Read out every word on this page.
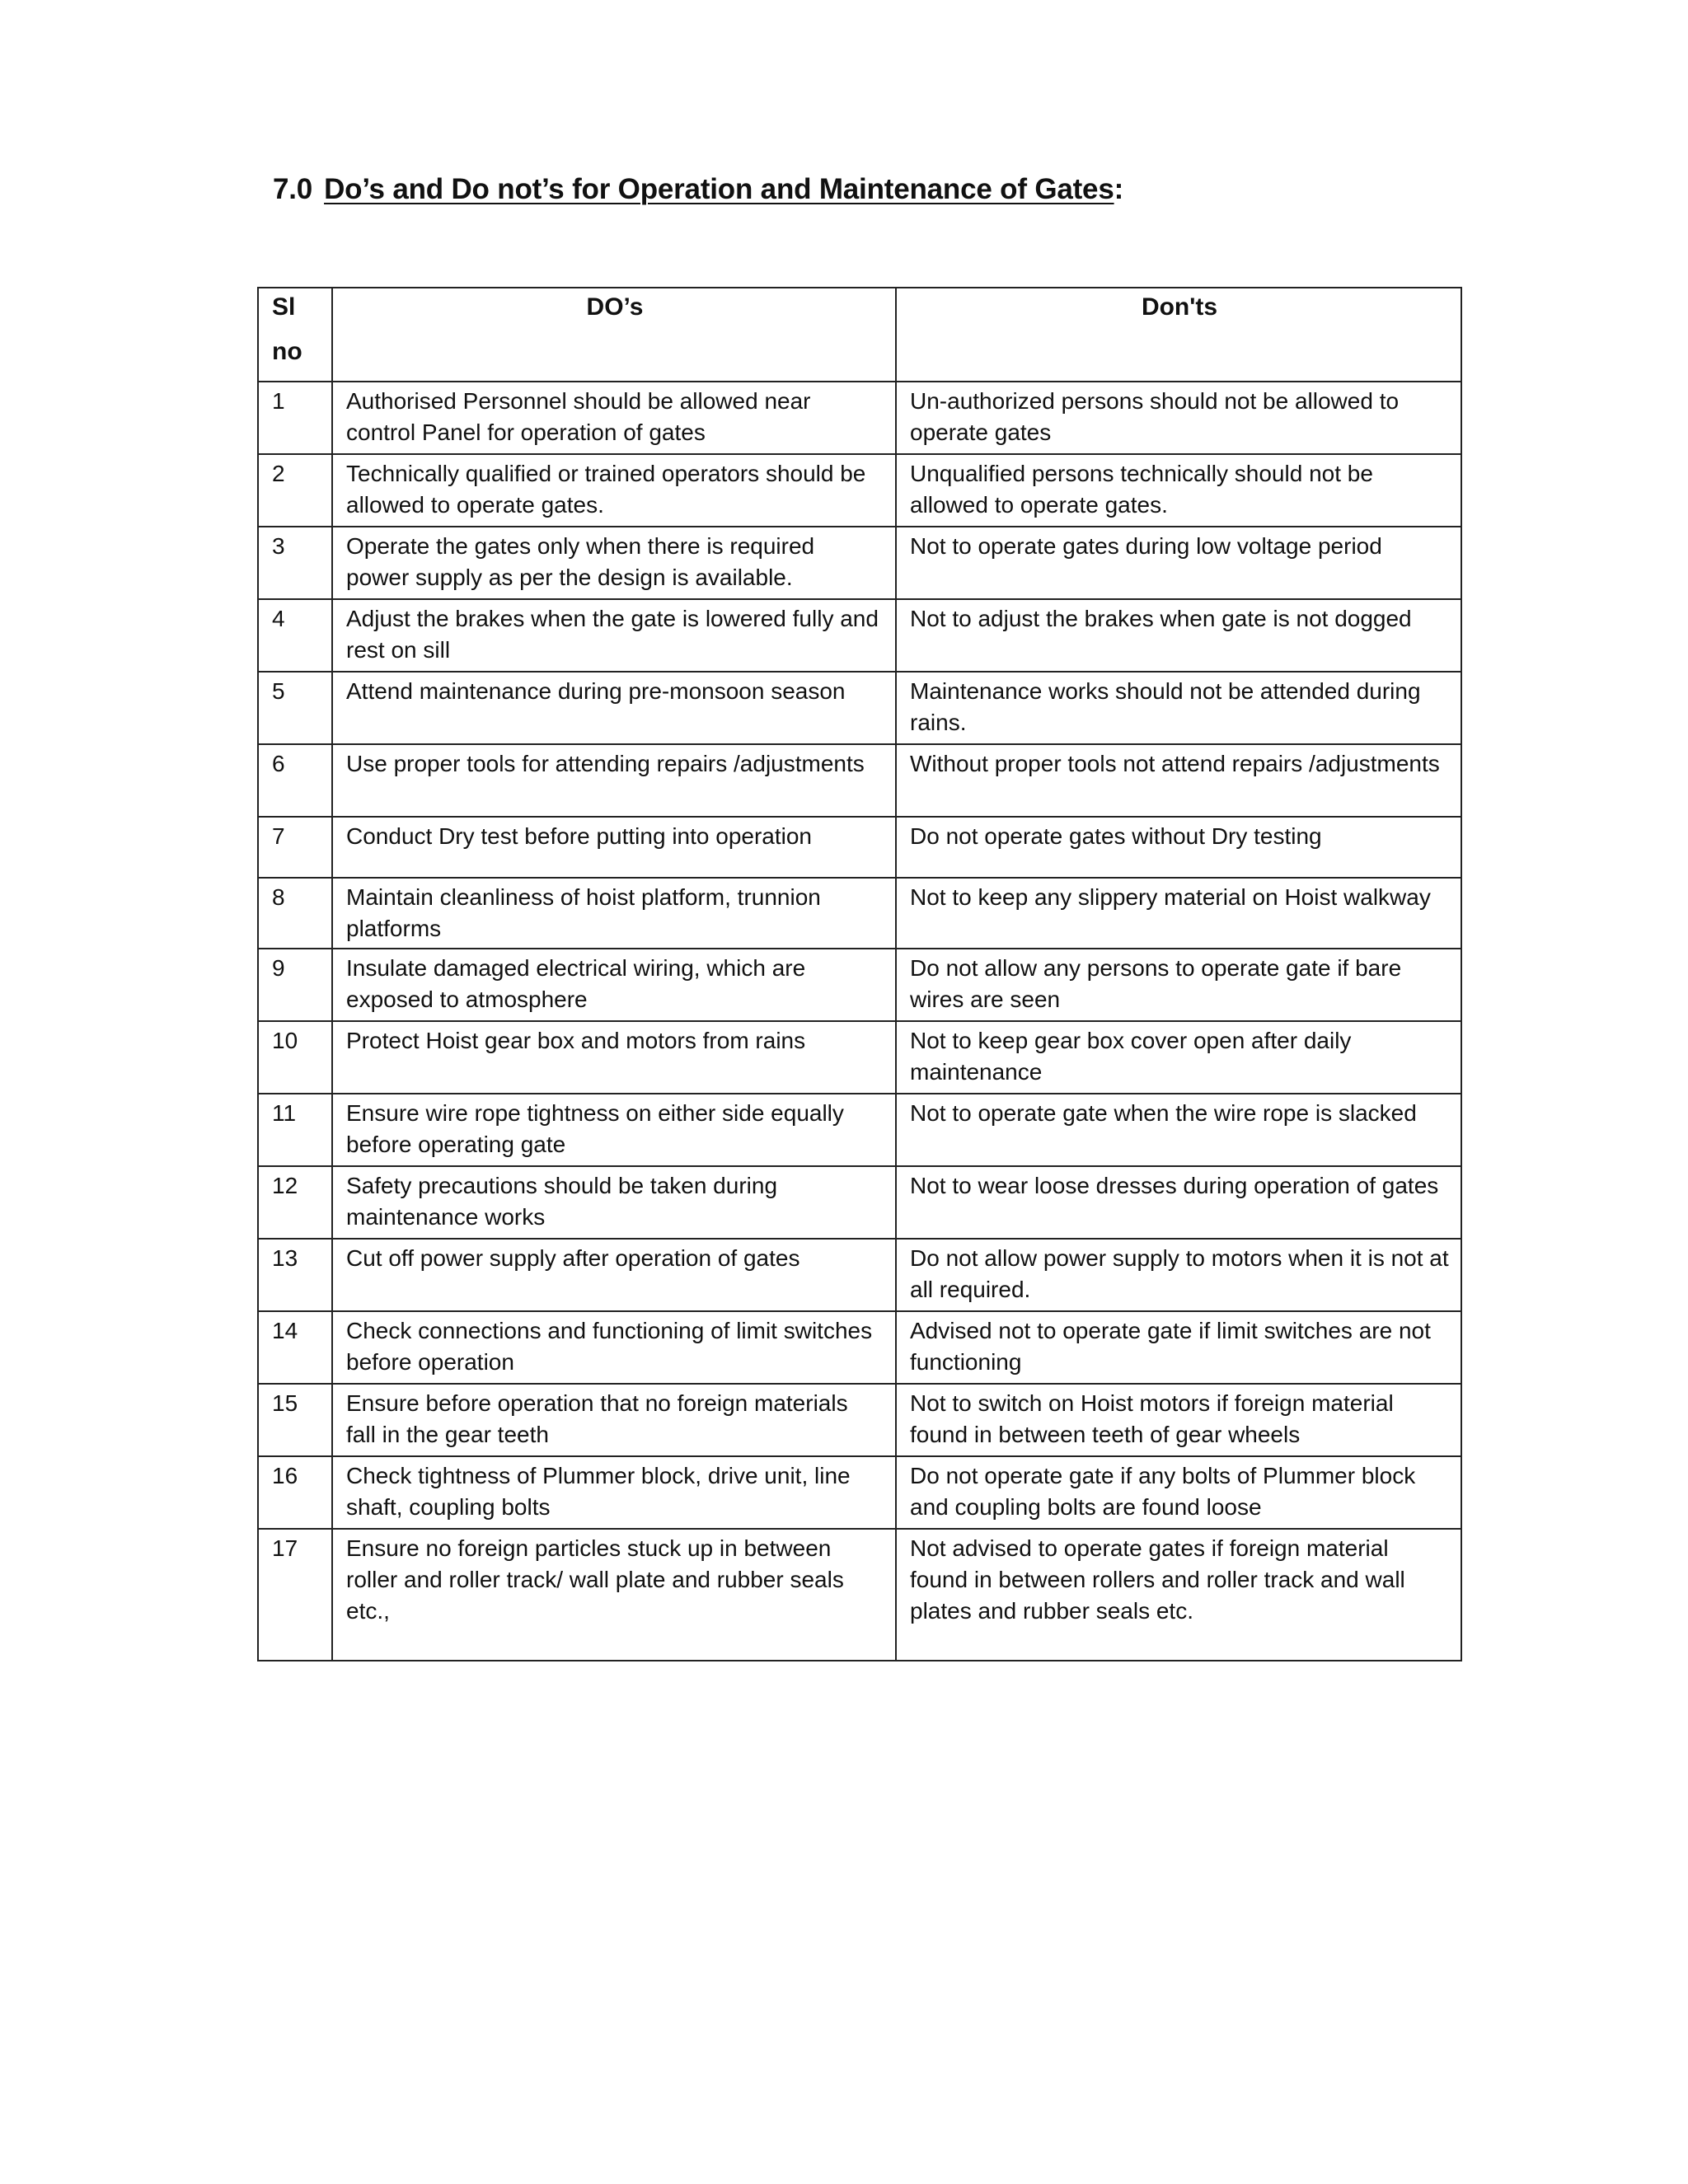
7.0 Do’s and Do not’s for Operation and Maintenance of Gates:
Sl
no	DO’s	Don'ts
1	Authorised Personnel should be allowed near control Panel for operation of gates	Un-authorized persons should not be allowed to operate gates
2	Technically qualified or trained operators should be allowed to operate gates.	Unqualified persons technically should not be allowed to operate gates.
3	Operate the gates only when there is required power supply as per the design is available.	Not to operate gates during low voltage period
4	Adjust the brakes when the gate is lowered fully and rest on sill	Not to adjust the brakes when gate is not dogged
5	Attend maintenance during pre-monsoon season	Maintenance works should not be attended during rains.
6	Use proper tools for attending repairs /adjustments	Without proper tools not attend repairs /adjustments
7	Conduct Dry test before putting into operation	Do not operate gates without Dry testing
8	Maintain cleanliness of hoist platform, trunnion platforms	Not to keep any slippery material on Hoist walkway
9	Insulate damaged electrical wiring, which are exposed to atmosphere	Do not allow any persons to operate gate if bare wires are seen
10	Protect Hoist gear box and motors from rains	Not to keep gear box cover open after daily maintenance
11	Ensure wire rope tightness on either side equally before operating gate	Not to operate gate when the wire rope is slacked
12	Safety precautions should be taken during maintenance works	Not to wear loose dresses during operation of gates
13	Cut off power supply after operation of gates	Do not allow power supply to motors when it is not at all required.
14	Check connections and functioning of limit switches before operation	Advised not to operate gate if limit switches are not functioning
15	Ensure before operation that no foreign materials fall in the gear teeth	Not to switch on Hoist motors if foreign material found in between teeth of gear wheels
16	Check tightness of Plummer block, drive unit, line shaft, coupling bolts	Do not operate gate if any bolts of Plummer block and coupling bolts are found loose
17	Ensure no foreign particles stuck up in between roller and roller track/ wall plate and rubber seals etc.,	Not advised to operate gates if foreign material found in between rollers and roller track and wall plates and rubber seals etc.
